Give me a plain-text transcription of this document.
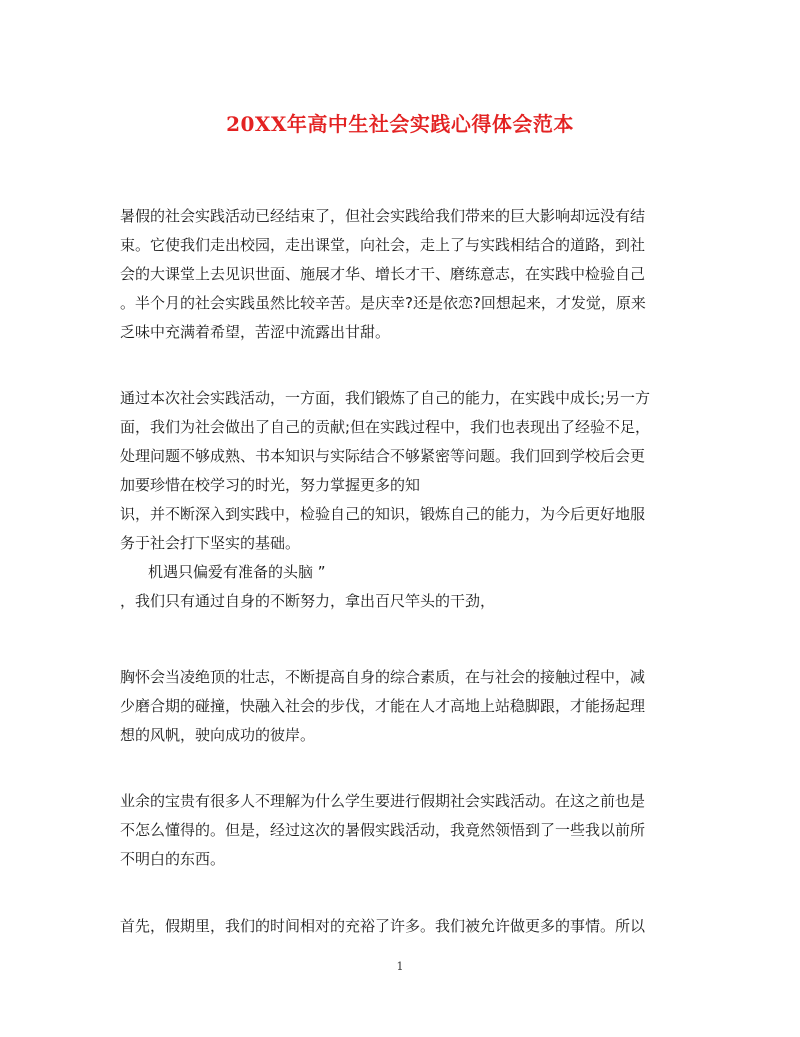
20XX年高中生社会实践心得体会范本
暑假的社会实践活动已经结束了，但社会实践给我们带来的巨大影响却远没有结
束。它使我们走出校园，走出课堂，向社会，走上了与实践相结合的道路，到社
会的大课堂上去见识世面、施展才华、增长才干、磨练意志，在实践中检验自己
。半个月的社会实践虽然比较辛苦。是庆幸?还是依恋?回想起来，才发觉，原来
乏味中充满着希望，苦涩中流露出甘甜。
通过本次社会实践活动，一方面，我们锻炼了自己的能力，在实践中成长;另一方
面，我们为社会做出了自己的贡献;但在实践过程中，我们也表现出了经验不足，
处理问题不够成熟、书本知识与实际结合不够紧密等问题。我们回到学校后会更
加要珍惜在校学习的时光，努力掌握更多的知
识，并不断深入到实践中，检验自己的知识，锻炼自己的能力，为今后更好地服
务于社会打下坚实的基础。
机遇只偏爱有准备的头脑 ”
，我们只有通过自身的不断努力，拿出百尺竿头的干劲，
胸怀会当凌绝顶的壮志，不断提高自身的综合素质，在与社会的接触过程中，减
少磨合期的碰撞，快融入社会的步伐，才能在人才高地上站稳脚跟，才能扬起理
想的风帆，驶向成功的彼岸。
业余的宝贵有很多人不理解为什么学生要进行假期社会实践活动。在这之前也是
不怎么懂得的。但是，经过这次的暑假实践活动，我竟然领悟到了一些我以前所
不明白的东西。
首先，假期里，我们的时间相对的充裕了许多。我们被允许做更多的事情。所以
1
